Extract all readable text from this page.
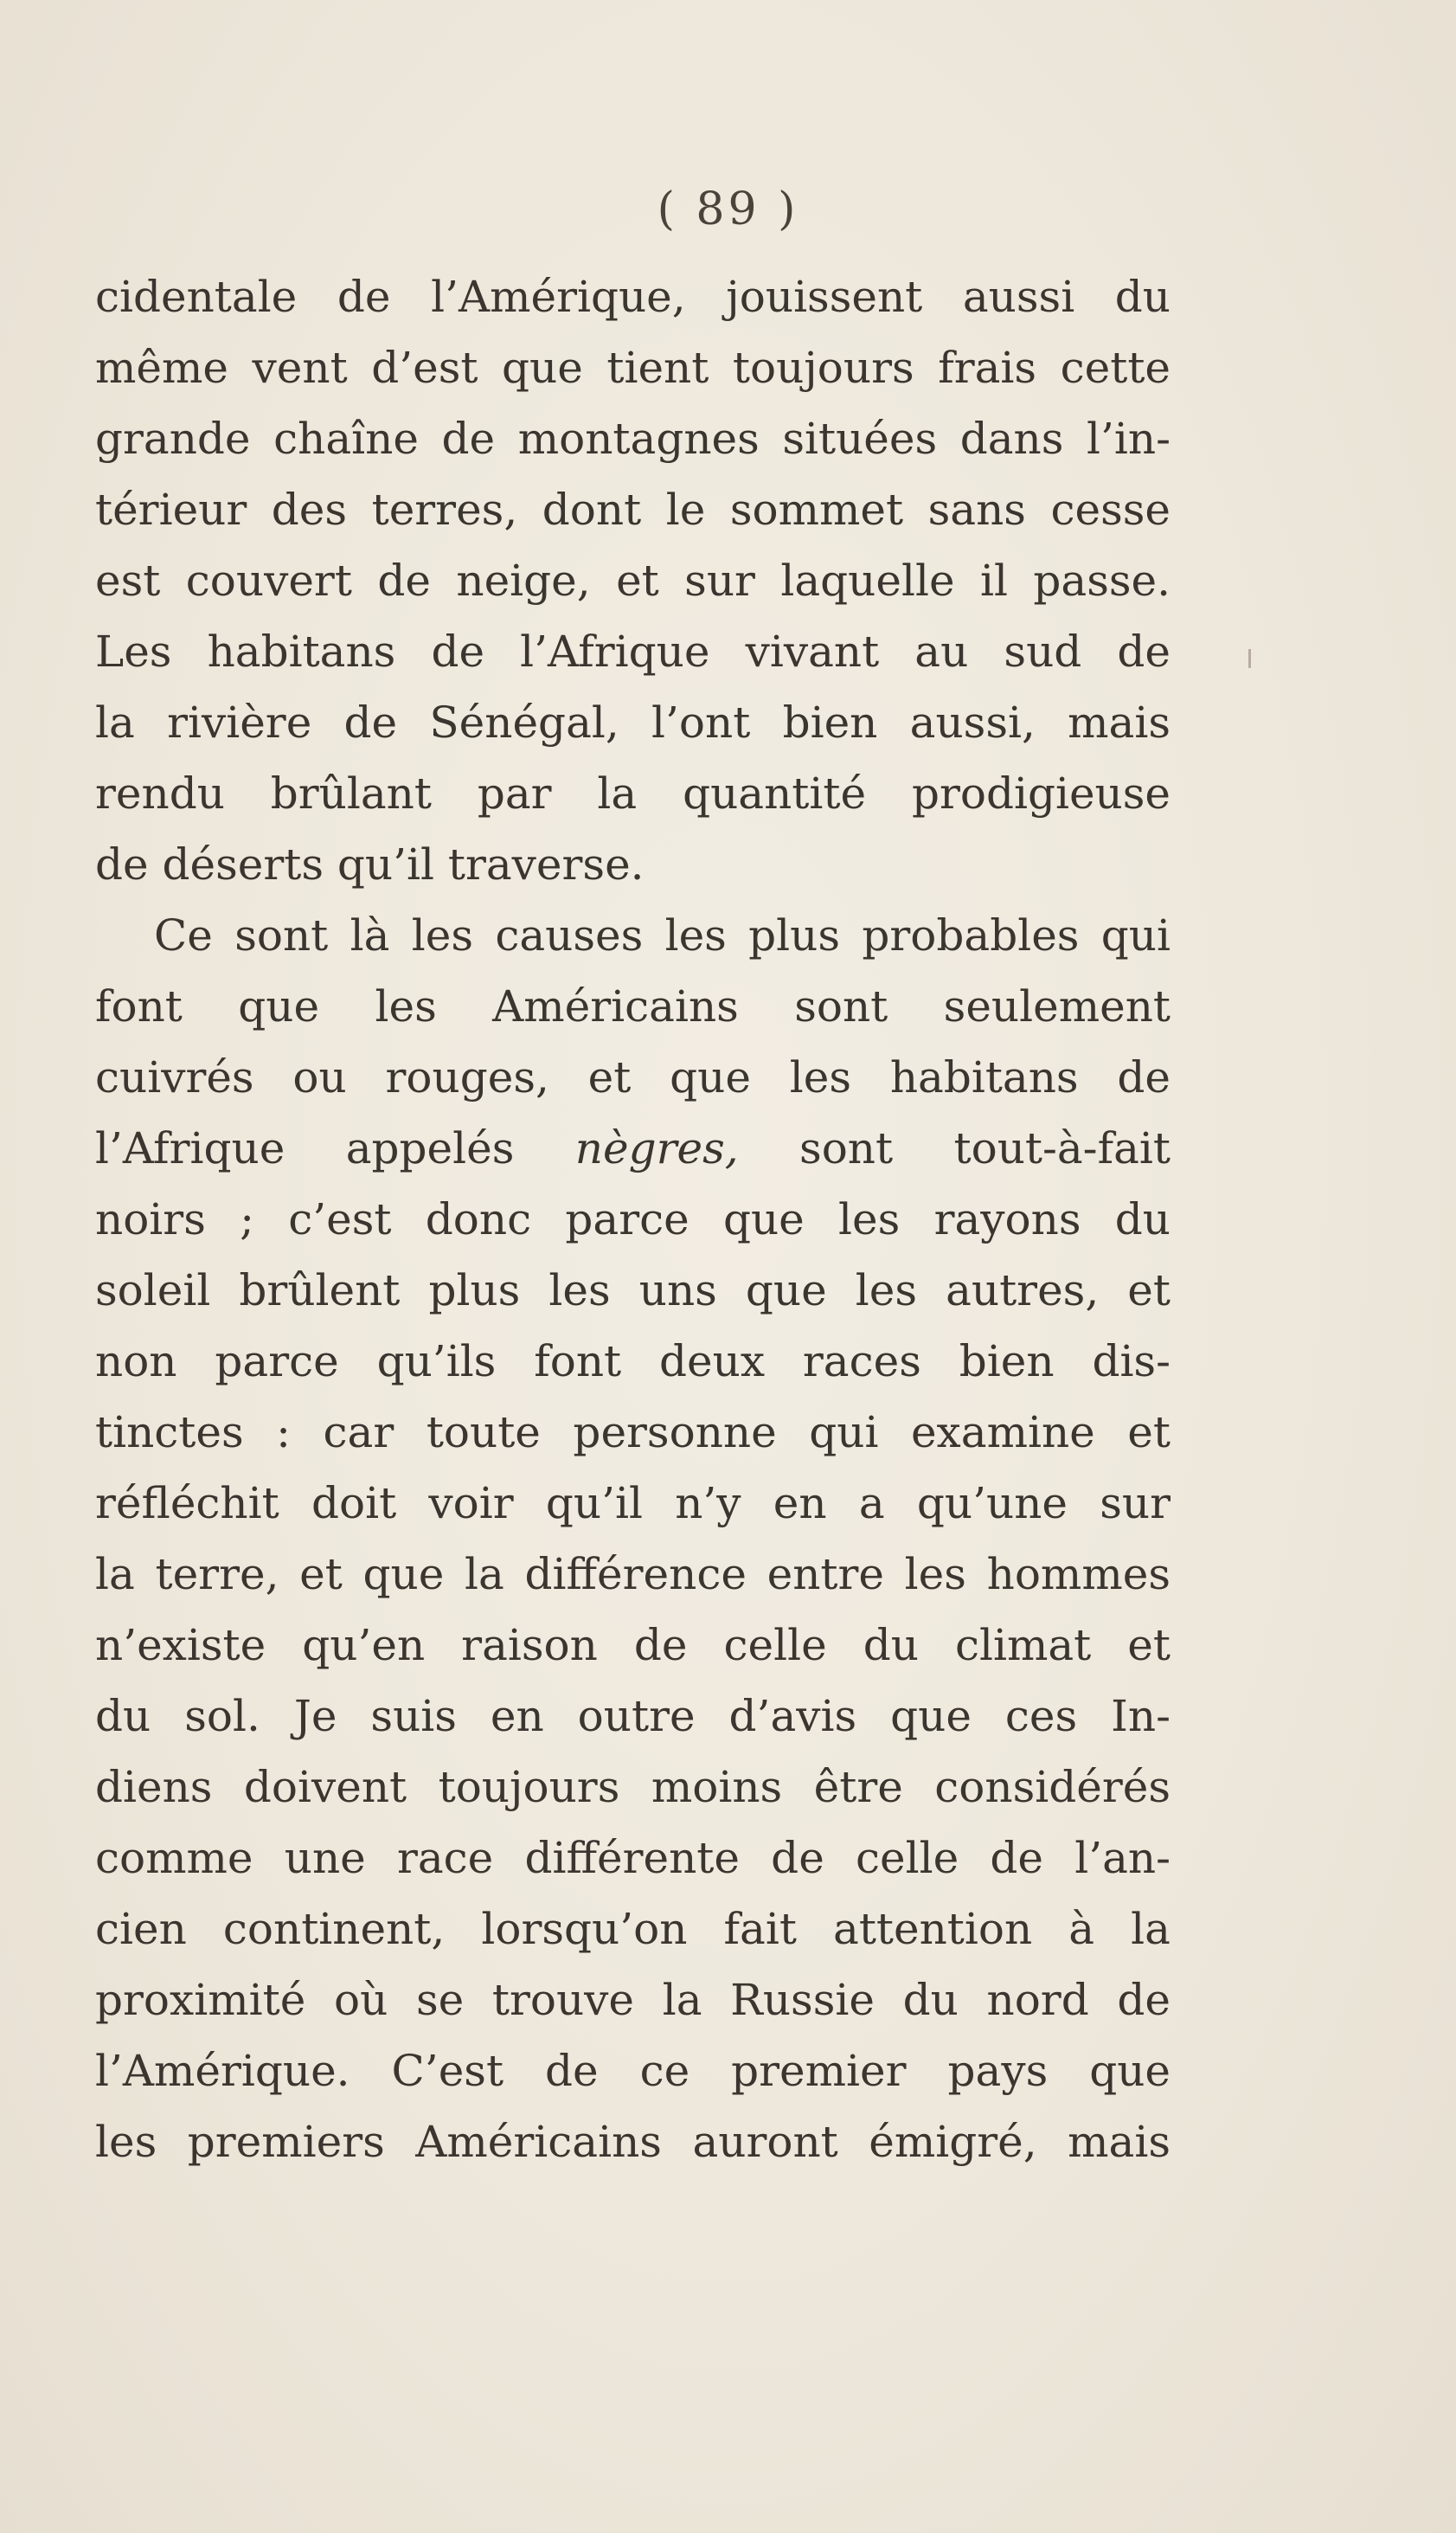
( 89 )
cidentale de l’Amérique, jouissent aussi du
même vent d’est que tient toujours frais cette
grande chaîne de montagnes situées dans l’in-
térieur des terres, dont le sommet sans cesse
est couvert de neige, et sur laquelle il passe.
Les habitans de l’Afrique vivant au sud de
la rivière de Sénégal, l’ont bien aussi, mais
rendu brûlant par la quantité prodigieuse
de déserts qu’il traverse.
Ce sont là les causes les plus probables qui
font que les Américains sont seulement
cuivrés ou rouges, et que les habitans de
l’Afrique appelés nègres, sont tout-à-fait
noirs ; c’est donc parce que les rayons du
soleil brûlent plus les uns que les autres, et
non parce qu’ils font deux races bien dis-
tinctes : car toute personne qui examine et
réfléchit doit voir qu’il n’y en a qu’une sur
la terre, et que la différence entre les hommes
n’existe qu’en raison de celle du climat et
du sol. Je suis en outre d’avis que ces In-
diens doivent toujours moins être considérés
comme une race différente de celle de l’an-
cien continent, lorsqu’on fait attention à la
proximité où se trouve la Russie du nord de
l’Amérique. C’est de ce premier pays que
les premiers Américains auront émigré, mais
